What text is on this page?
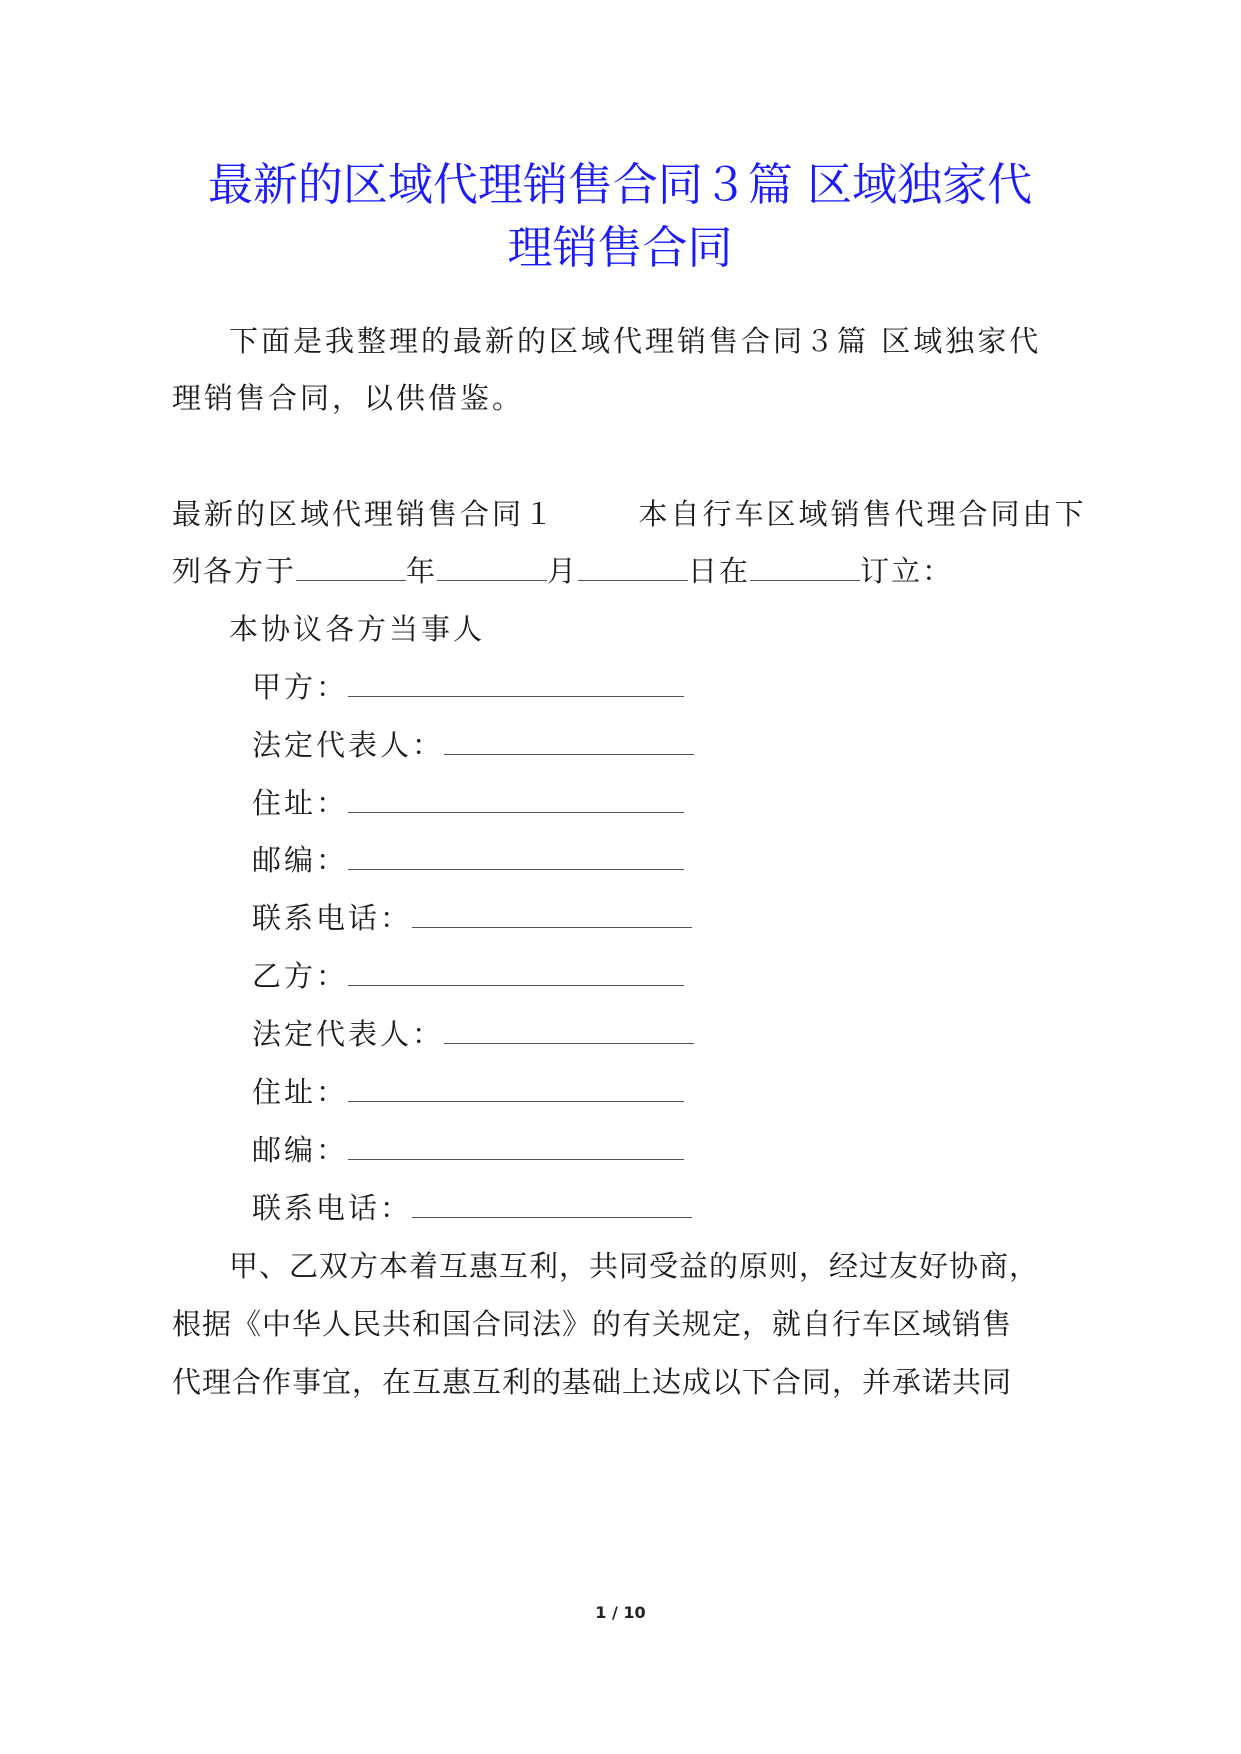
最新的区域代理销售合同３篇 区域独家代
理销售合同

下面是我整理的最新的区域代理销售合同３篇 区域独家代

理销售合同，以供借鉴。

最新的区域代理销售合同１	本自行车区域销售代理合同由下
列各方于	年	月	日在	订立：

本协议各方当事人

甲方：
法定代表人：
住址：
邮编：
联系电话：
乙方：
法定代表人：
住址：
邮编：
联系电话：

甲、乙双方本着互惠互利，共同受益的原则，经过友好协商，

根据《中华人民共和国合同法》的有关规定，就自行车区域销售

代理合作事宜，在互惠互利的基础上达成以下合同，并承诺共同

1 / 10
